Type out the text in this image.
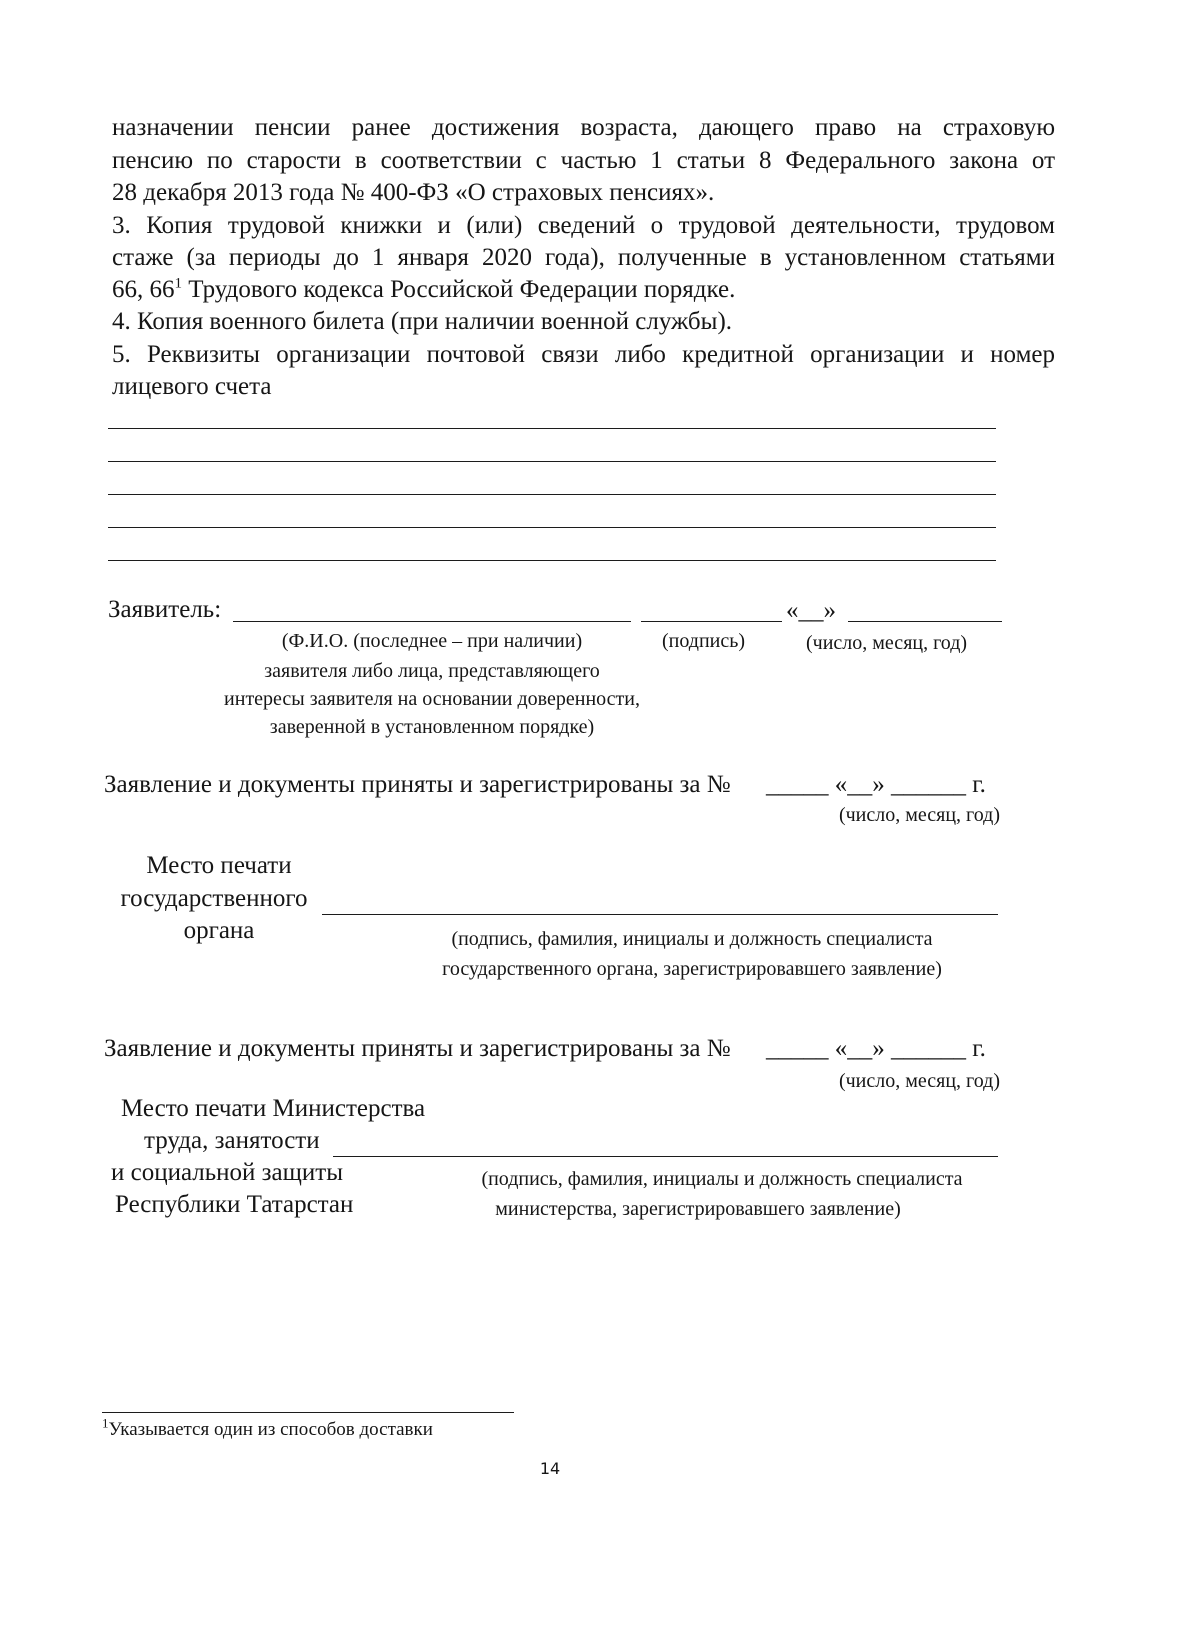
назначении пенсии ранее достижения возраста, дающего право на страховую
пенсию по старости в соответствии с частью 1 статьи 8 Федерального закона от
28 декабря 2013 года № 400-ФЗ «О страховых пенсиях».
3. Копия трудовой книжки и (или) сведений о трудовой деятельности, трудовом
стаже (за периоды до 1 января 2020 года), полученные в установленном статьями
66, $66^1$ Трудового кодекса Российской Федерации порядке.
4. Копия военного билета (при наличии военной службы).
5. Реквизиты организации почтовой связи либо кредитной организации и номер
лицевого счета
Заявитель:	«__»
(Ф.И.О. (последнее – при наличии)
заявителя либо лица, представляющего
интересы заявителя на основании доверенности,
заверенной в установленном порядке)
(подпись)	(число, месяц, год)
Заявление и документы приняты и зарегистрированы за № _____ «__» ______ г.
(число, месяц, год)
Место печати
государственного
органа	(подпись, фамилия, инициалы и должность специалиста
государственного органа, зарегистрировавшего заявление)
Заявление и документы приняты и зарегистрированы за № _____ «__» ______ г.
(число, месяц, год)
Место печати Министерства
труда, занятости
и социальной защиты
Республики Татарстан
(подпись, фамилия, инициалы и должность специалиста
министерства, зарегистрировавшего заявление)
$^1$Указывается один из способов доставки
14
